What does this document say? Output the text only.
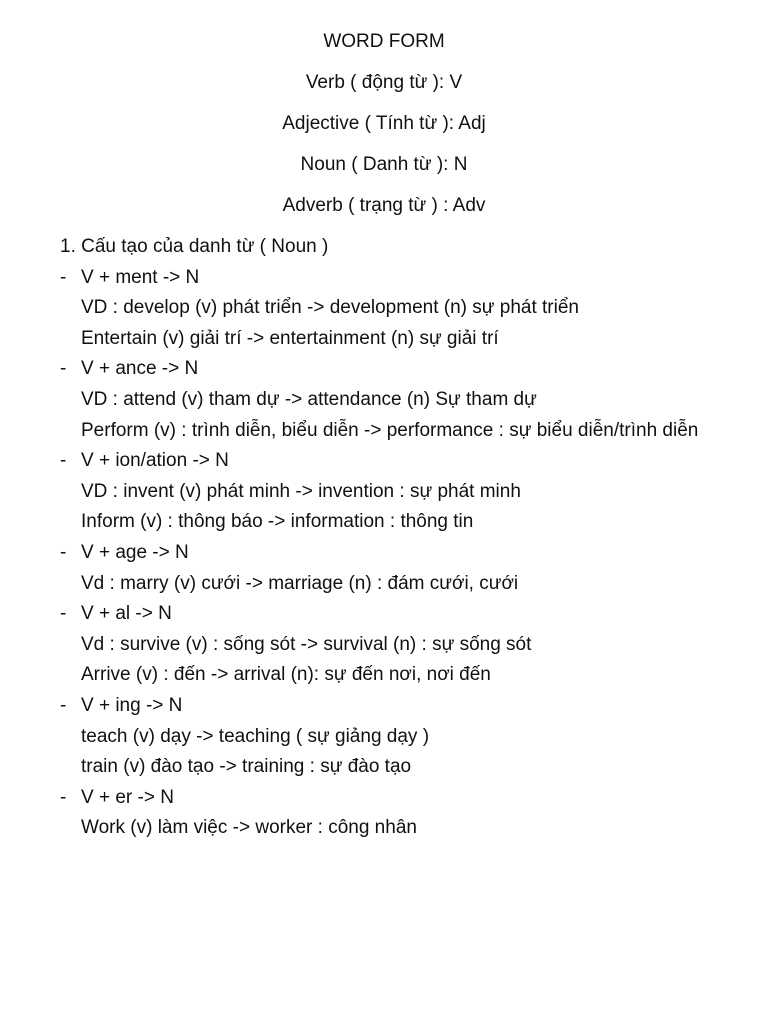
WORD FORM
Verb ( động từ ): V
Adjective ( Tính từ ): Adj
Noun ( Danh từ ): N
Adverb ( trạng từ ) : Adv
1. Cấu tạo của danh từ ( Noun )
- V + ment -> N
VD : develop (v) phát triển -> development (n) sự phát triển
Entertain (v) giải trí -> entertainment (n) sự giải trí
- V + ance -> N
VD : attend (v) tham dự -> attendance (n) Sự tham dự
Perform (v) : trình diễn, biểu diễn -> performance : sự biểu diễn/trình diễn
- V + ion/ation -> N
VD : invent (v) phát minh -> invention : sự phát minh
Inform (v) : thông báo -> information : thông tin
- V + age -> N
Vd : marry (v) cưới -> marriage (n) : đám cưới, cưới
- V + al -> N
Vd : survive (v) : sống sót -> survival (n) : sự sống sót
Arrive (v) : đến -> arrival (n): sự đến nơi, nơi đến
- V + ing -> N
teach (v) dạy -> teaching ( sự giảng dạy )
train (v) đào tạo -> training : sự đào tạo
- V + er -> N
Work (v) làm việc -> worker : công nhân
